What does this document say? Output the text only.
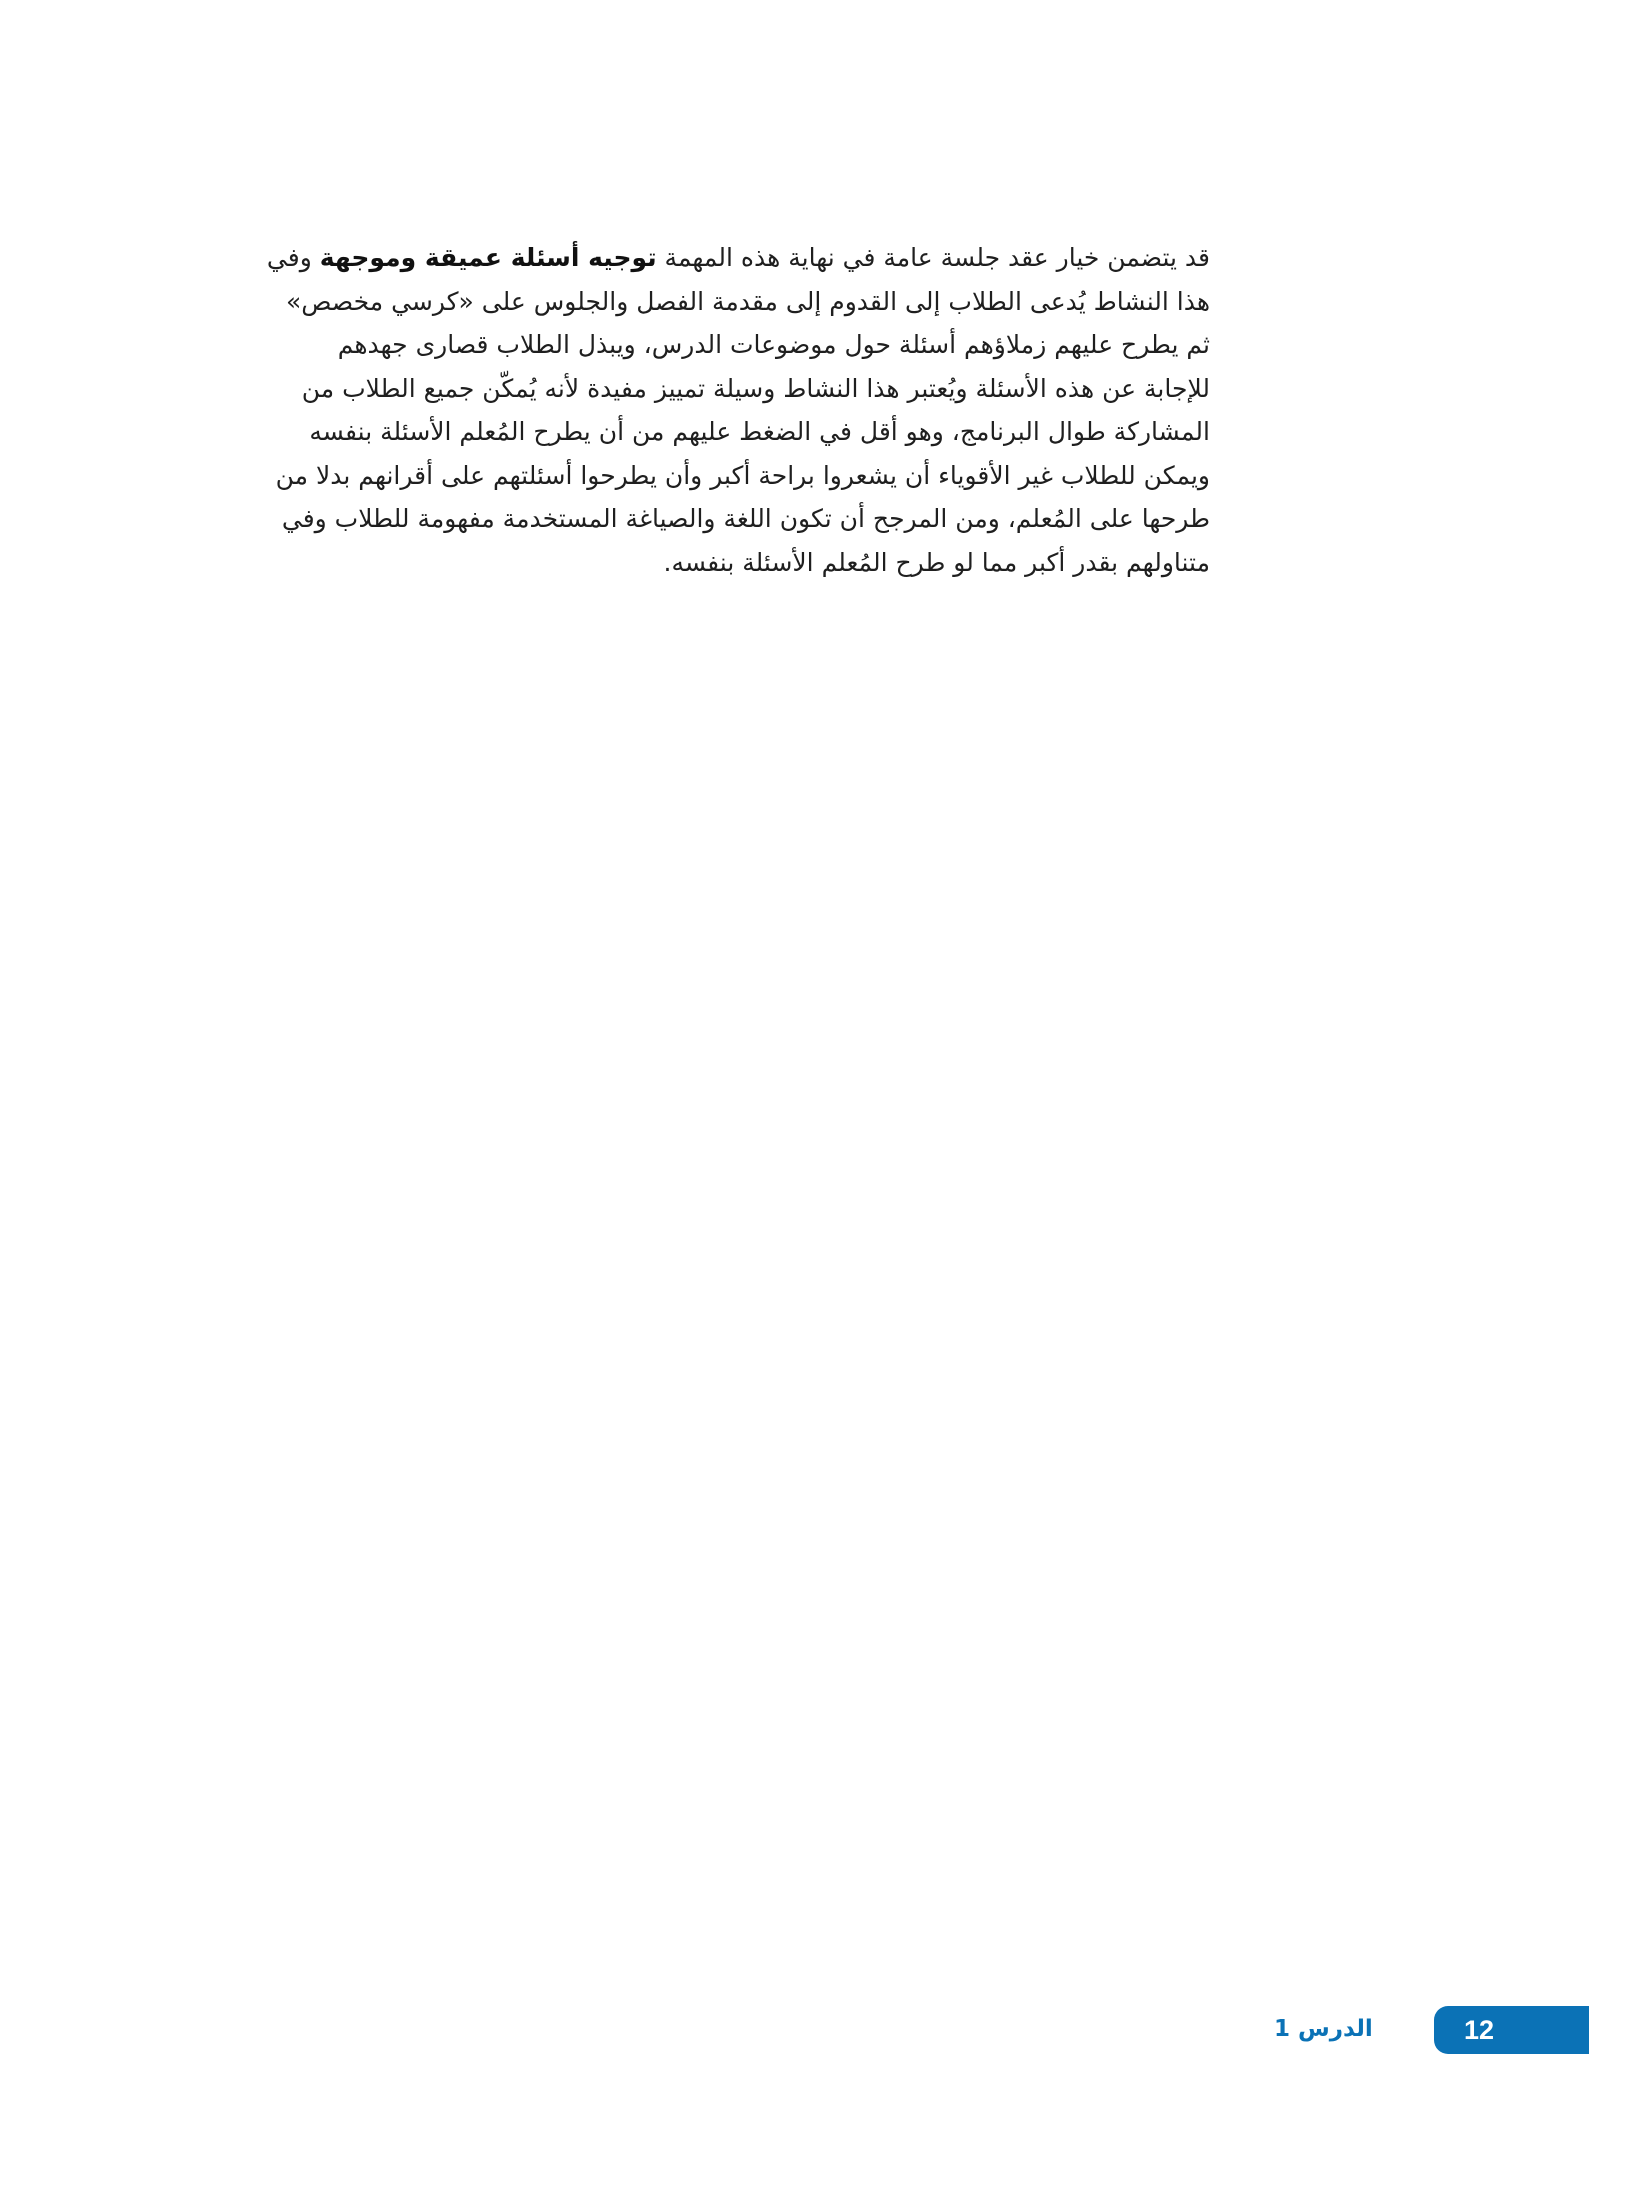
قد يتضمن خيار عقد جلسة عامة في نهاية هذه المهمة توجيه أسئلة عميقة وموجهة وفي
هذا النشاط يُدعى الطلاب إلى القدوم إلى مقدمة الفصل والجلوس على «كرسي مخصص»
ثم يطرح عليهم زملاؤهم أسئلة حول موضوعات الدرس، ويبذل الطلاب قصارى جهدهم
للإجابة عن هذه الأسئلة ويُعتبر هذا النشاط وسيلة تمييز مفيدة لأنه يُمكّن جميع الطلاب من
المشاركة طوال البرنامج، وهو أقل في الضغط عليهم من أن يطرح المُعلم الأسئلة بنفسه
ويمكن للطلاب غير الأقوياء أن يشعروا براحة أكبر وأن يطرحوا أسئلتهم على أقرانهم بدلا من
طرحها على المُعلم، ومن المرجح أن تكون اللغة والصياغة المستخدمة مفهومة للطلاب وفي
متناولهم بقدر أكبر مما لو طرح المُعلم الأسئلة بنفسه.
الدرس 1	12
